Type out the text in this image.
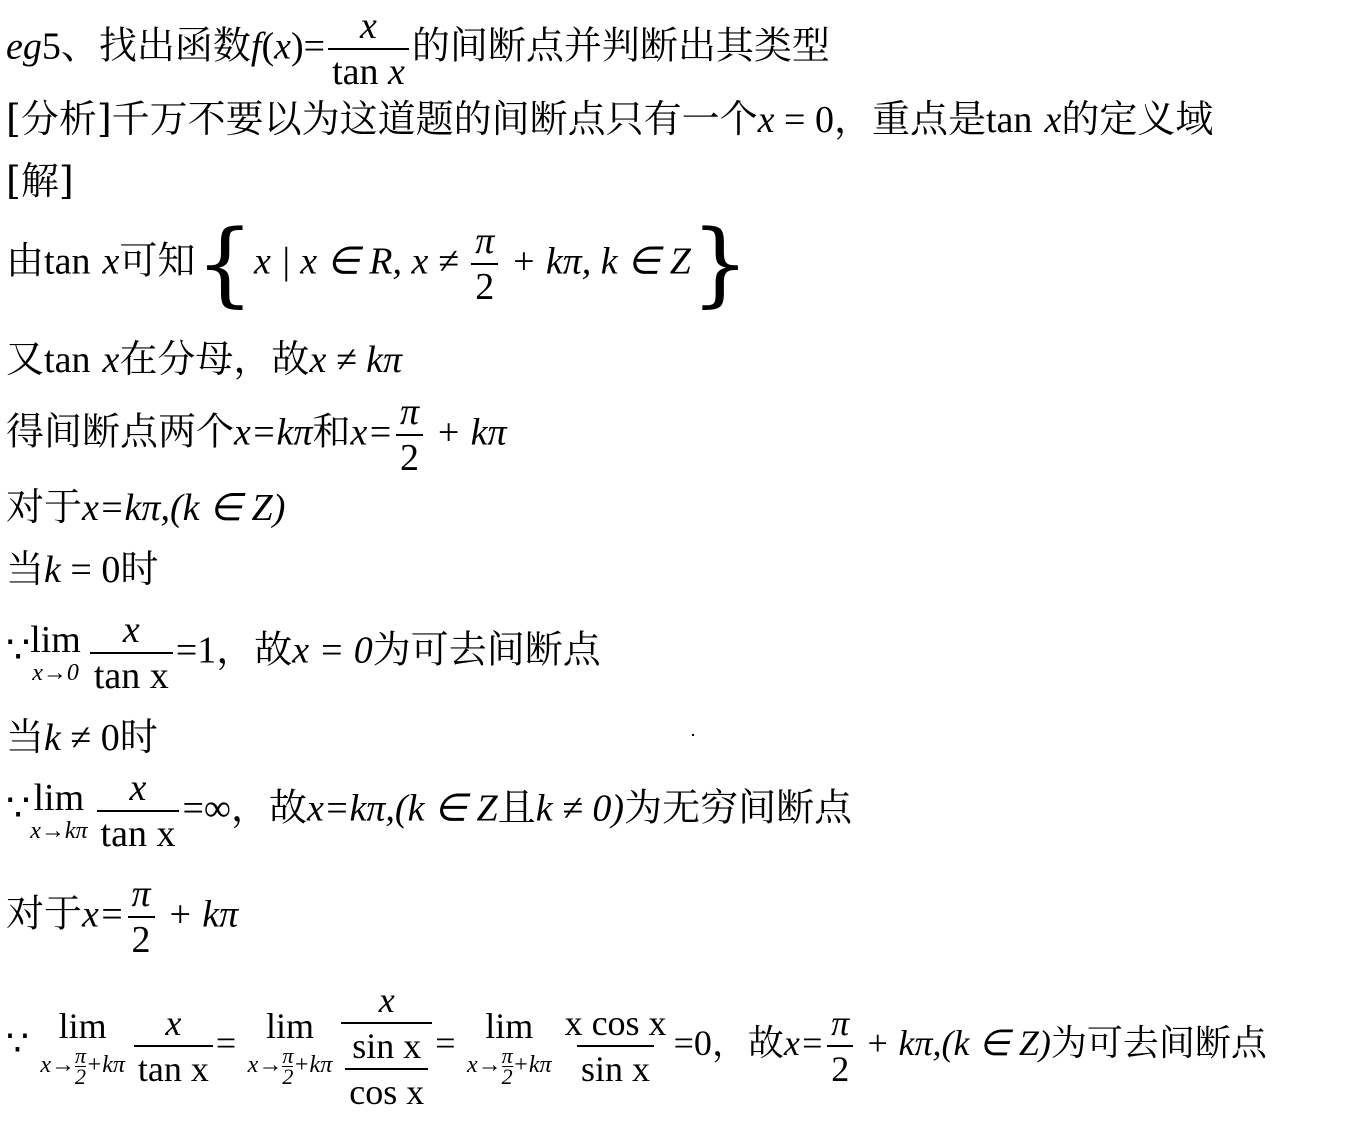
eg5、找出函数$f(x)= \frac{x}{\text{tan x}}$ 的间断点并判断出其类型
[分析]千万不要以为这道题的间断点只有一个x = 0，重点是tan x的定义域
[解]
由tan x可知{x | x ∈ R, $x \ne \frac{\pi}{2} + k\pi$, k ∈ Z}
又tan x在分母，故x ≠ kπ
得间断点两个x=kπ和$x= \frac{\pi}{2} + k\pi$
对于x=kπ,(k ∈ Z)
当k = 0时
∵ lim
$x\to 0 \frac{x}{\text{tan x}} =1$，故x = 0为可去间断点
当k ≠ 0时
∵ lim
$x\to k\pi \frac{x}{\text{tan x}}$ =∞，故x=kπ,(k ∈ Z且k ≠ 0)为无穷间断点
对于$x= \frac{\pi}{2} + k\pi$
∵ lim
$x\to \frac{\pi}{2} +k\pi \frac{x}{\text{tan x}} = \lim$
$x\to \frac{\pi}{2} +k\pi \frac{x}{\frac{\text{sin x}}{\text{cos x}}} = \lim$
$x\to \frac{\pi}{2} +k\pi \frac{\text{x cos x}}{\text{sin x}} =0$，故$x= \frac{\pi}{2} + k\pi,(k$ ∈ Z)为可去间断点
